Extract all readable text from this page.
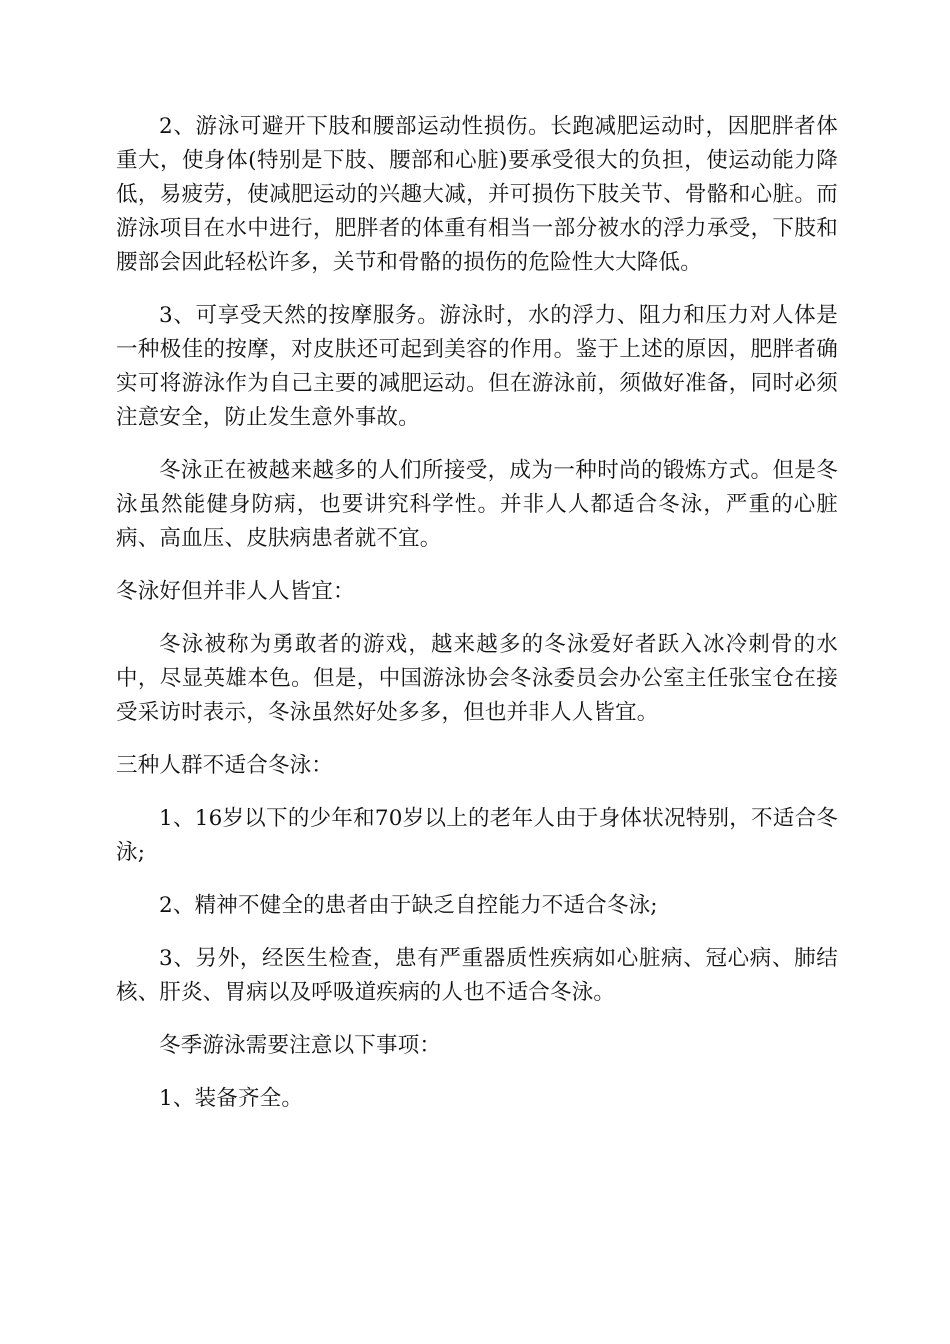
2、游泳可避开下肢和腰部运动性损伤。长跑减肥运动时，因肥胖者体重大，使身体(特别是下肢、腰部和心脏)要承受很大的负担，使运动能力降低，易疲劳，使减肥运动的兴趣大减，并可损伤下肢关节、骨骼和心脏。而游泳项目在水中进行，肥胖者的体重有相当一部分被水的浮力承受，下肢和腰部会因此轻松许多，关节和骨骼的损伤的危险性大大降低。

3、可享受天然的按摩服务。游泳时，水的浮力、阻力和压力对人体是一种极佳的按摩，对皮肤还可起到美容的作用。鉴于上述的原因，肥胖者确实可将游泳作为自己主要的减肥运动。但在游泳前，须做好准备，同时必须注意安全，防止发生意外事故。

冬泳正在被越来越多的人们所接受，成为一种时尚的锻炼方式。但是冬泳虽然能健身防病，也要讲究科学性。并非人人都适合冬泳，严重的心脏病、高血压、皮肤病患者就不宜。

冬泳好但并非人人皆宜：

冬泳被称为勇敢者的游戏，越来越多的冬泳爱好者跃入冰冷刺骨的水中，尽显英雄本色。但是，中国游泳协会冬泳委员会办公室主任张宝仓在接受采访时表示，冬泳虽然好处多多，但也并非人人皆宜。

三种人群不适合冬泳：

1、16岁以下的少年和70岁以上的老年人由于身体状况特别，不适合冬泳;

2、精神不健全的患者由于缺乏自控能力不适合冬泳;

3、另外，经医生检查，患有严重器质性疾病如心脏病、冠心病、肺结核、肝炎、胃病以及呼吸道疾病的人也不适合冬泳。

冬季游泳需要注意以下事项：

1、装备齐全。
